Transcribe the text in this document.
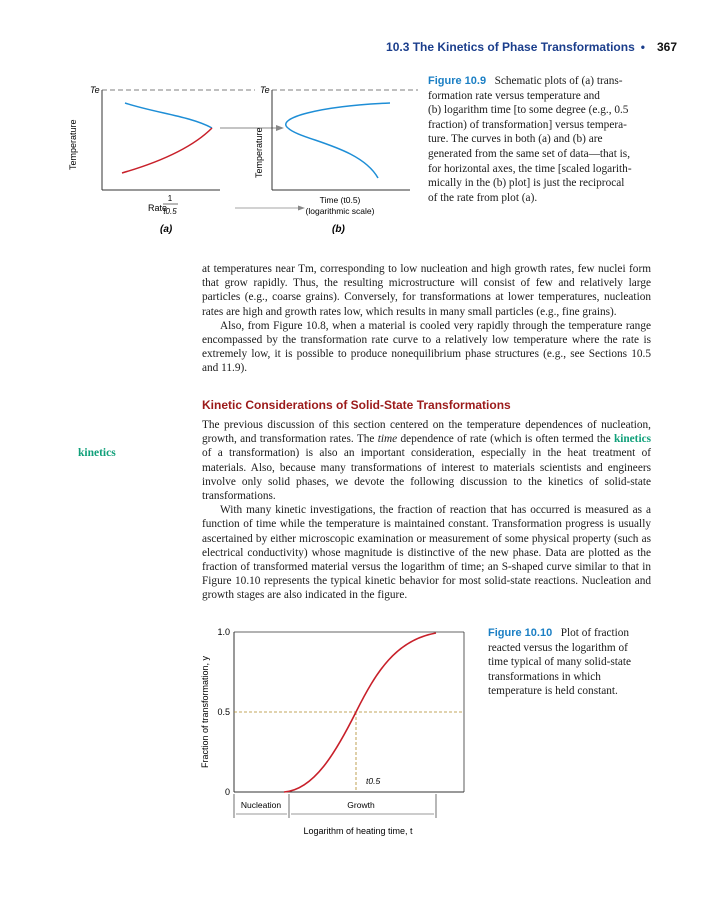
10.3 The Kinetics of Phase Transformations • 367
Te
Temperature
Rate
1
t0.5
(a)
Te
Temperature
Time (t0.5)
(logarithmic scale)
(b)
Figure 10.9 Schematic plots of (a) trans-
formation rate versus temperature and
(b) logarithm time [to some degree (e.g., 0.5
fraction) of transformation] versus tempera-
ture. The curves in both (a) and (b) are
generated from the same set of data—that is,
for horizontal axes, the time [scaled logarith-
mically in the (b) plot] is just the reciprocal
of the rate from plot (a).

at temperatures near Tm, corresponding to low nucleation and high growth rates, few nuclei form that grow rapidly. Thus, the resulting microstructure will consist of few and relatively large particles (e.g., coarse grains). Conversely, for transformations at lower temperatures, nucleation rates are high and growth rates low, which results in many small particles (e.g., fine grains).

Also, from Figure 10.8, when a material is cooled very rapidly through the temperature range encompassed by the transformation rate curve to a relatively low temperature where the rate is extremely low, it is possible to produce nonequilibrium phase structures (e.g., see Sections 10.5 and 11.9).

Kinetic Considerations of Solid-State Transformations
kinetics

The previous discussion of this section centered on the temperature dependences of nucleation, growth, and transformation rates. The time dependence of rate (which is often termed the kinetics of a transformation) is also an important consideration, especially in the heat treatment of materials. Also, because many transformations of interest to materials scientists and engineers involve only solid phases, we devote the following discussion to the kinetics of solid-state transformations.

With many kinetic investigations, the fraction of reaction that has occurred is measured as a function of time while the temperature is maintained constant. Transformation progress is usually ascertained by either microscopic examination or measurement of some physical property (such as electrical conductivity) whose magnitude is distinctive of the new phase. Data are plotted as the fraction of transformed material versus the logarithm of time; an S-shaped curve similar to that in Figure 10.10 represents the typical kinetic behavior for most solid-state reactions. Nucleation and growth stages are also indicated in the figure.

Fraction of transformation, y
1.0
0.5
0
t0.5
Nucleation	Growth
Logarithm of heating time, t
Figure 10.10 Plot of fraction
reacted versus the logarithm of
time typical of many solid-state
transformations in which
temperature is held constant.
